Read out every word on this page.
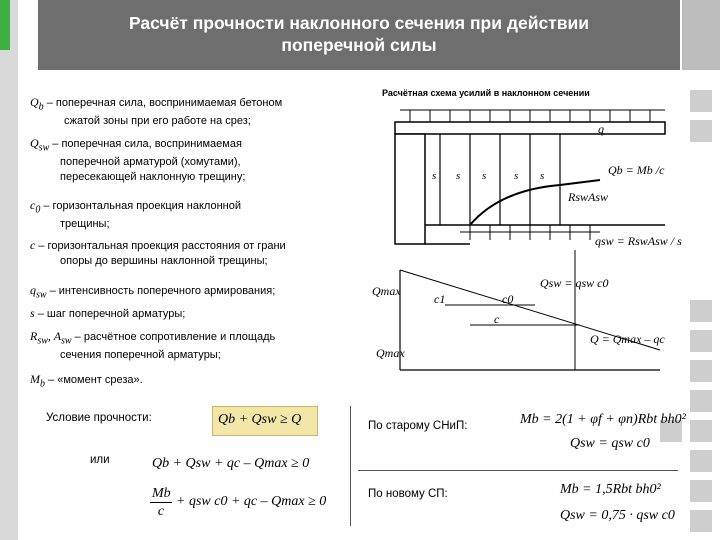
Расчёт прочности наклонного сечения при действии
поперечной силы
$Q_b$ – поперечная сила, воспринимаемая бетоном
сжатой зоны при его работе на срез;
$Q_{sw}$ – поперечная сила, воспринимаемая
поперечной арматурой (хомутами),
пересекающей наклонную трещину;
$c_0$ – горизонтальная проекция наклонной
трещины;
c – горизонтальная проекция расстояния от грани
опоры до вершины наклонной трещины;
$q_{sw}$ – интенсивность поперечного армирования;
s – шаг поперечной арматуры;
$R_{sw}$, $A_{sw}$ – расчётное сопротивление и площадь
сечения поперечной арматуры;
$M_b$ – «момент среза».
Расчётная схема усилий в наклонном сечении
q
s s s	s s	Qb = Mb /c
RswAsw
qsw = RswAsw / s
Qmax
c1	c0
c
Qsw = qsw c0
Q = Qmax – qc
Qmax
Условие прочности:	Qb + Qsw ≥ Q
или	Qb + Qsw + qc – Qmax ≥ 0
Mb
c
+ qsw c0 + qc – Qmax ≥ 0
По старому СНиП:	Mb = 2(1 + φf + φn)Rbt bh0²
Qsw = qsw c0
По новому СП:	Mb = 1,5Rbt bh0²
Qsw = 0,75 · qsw c0
